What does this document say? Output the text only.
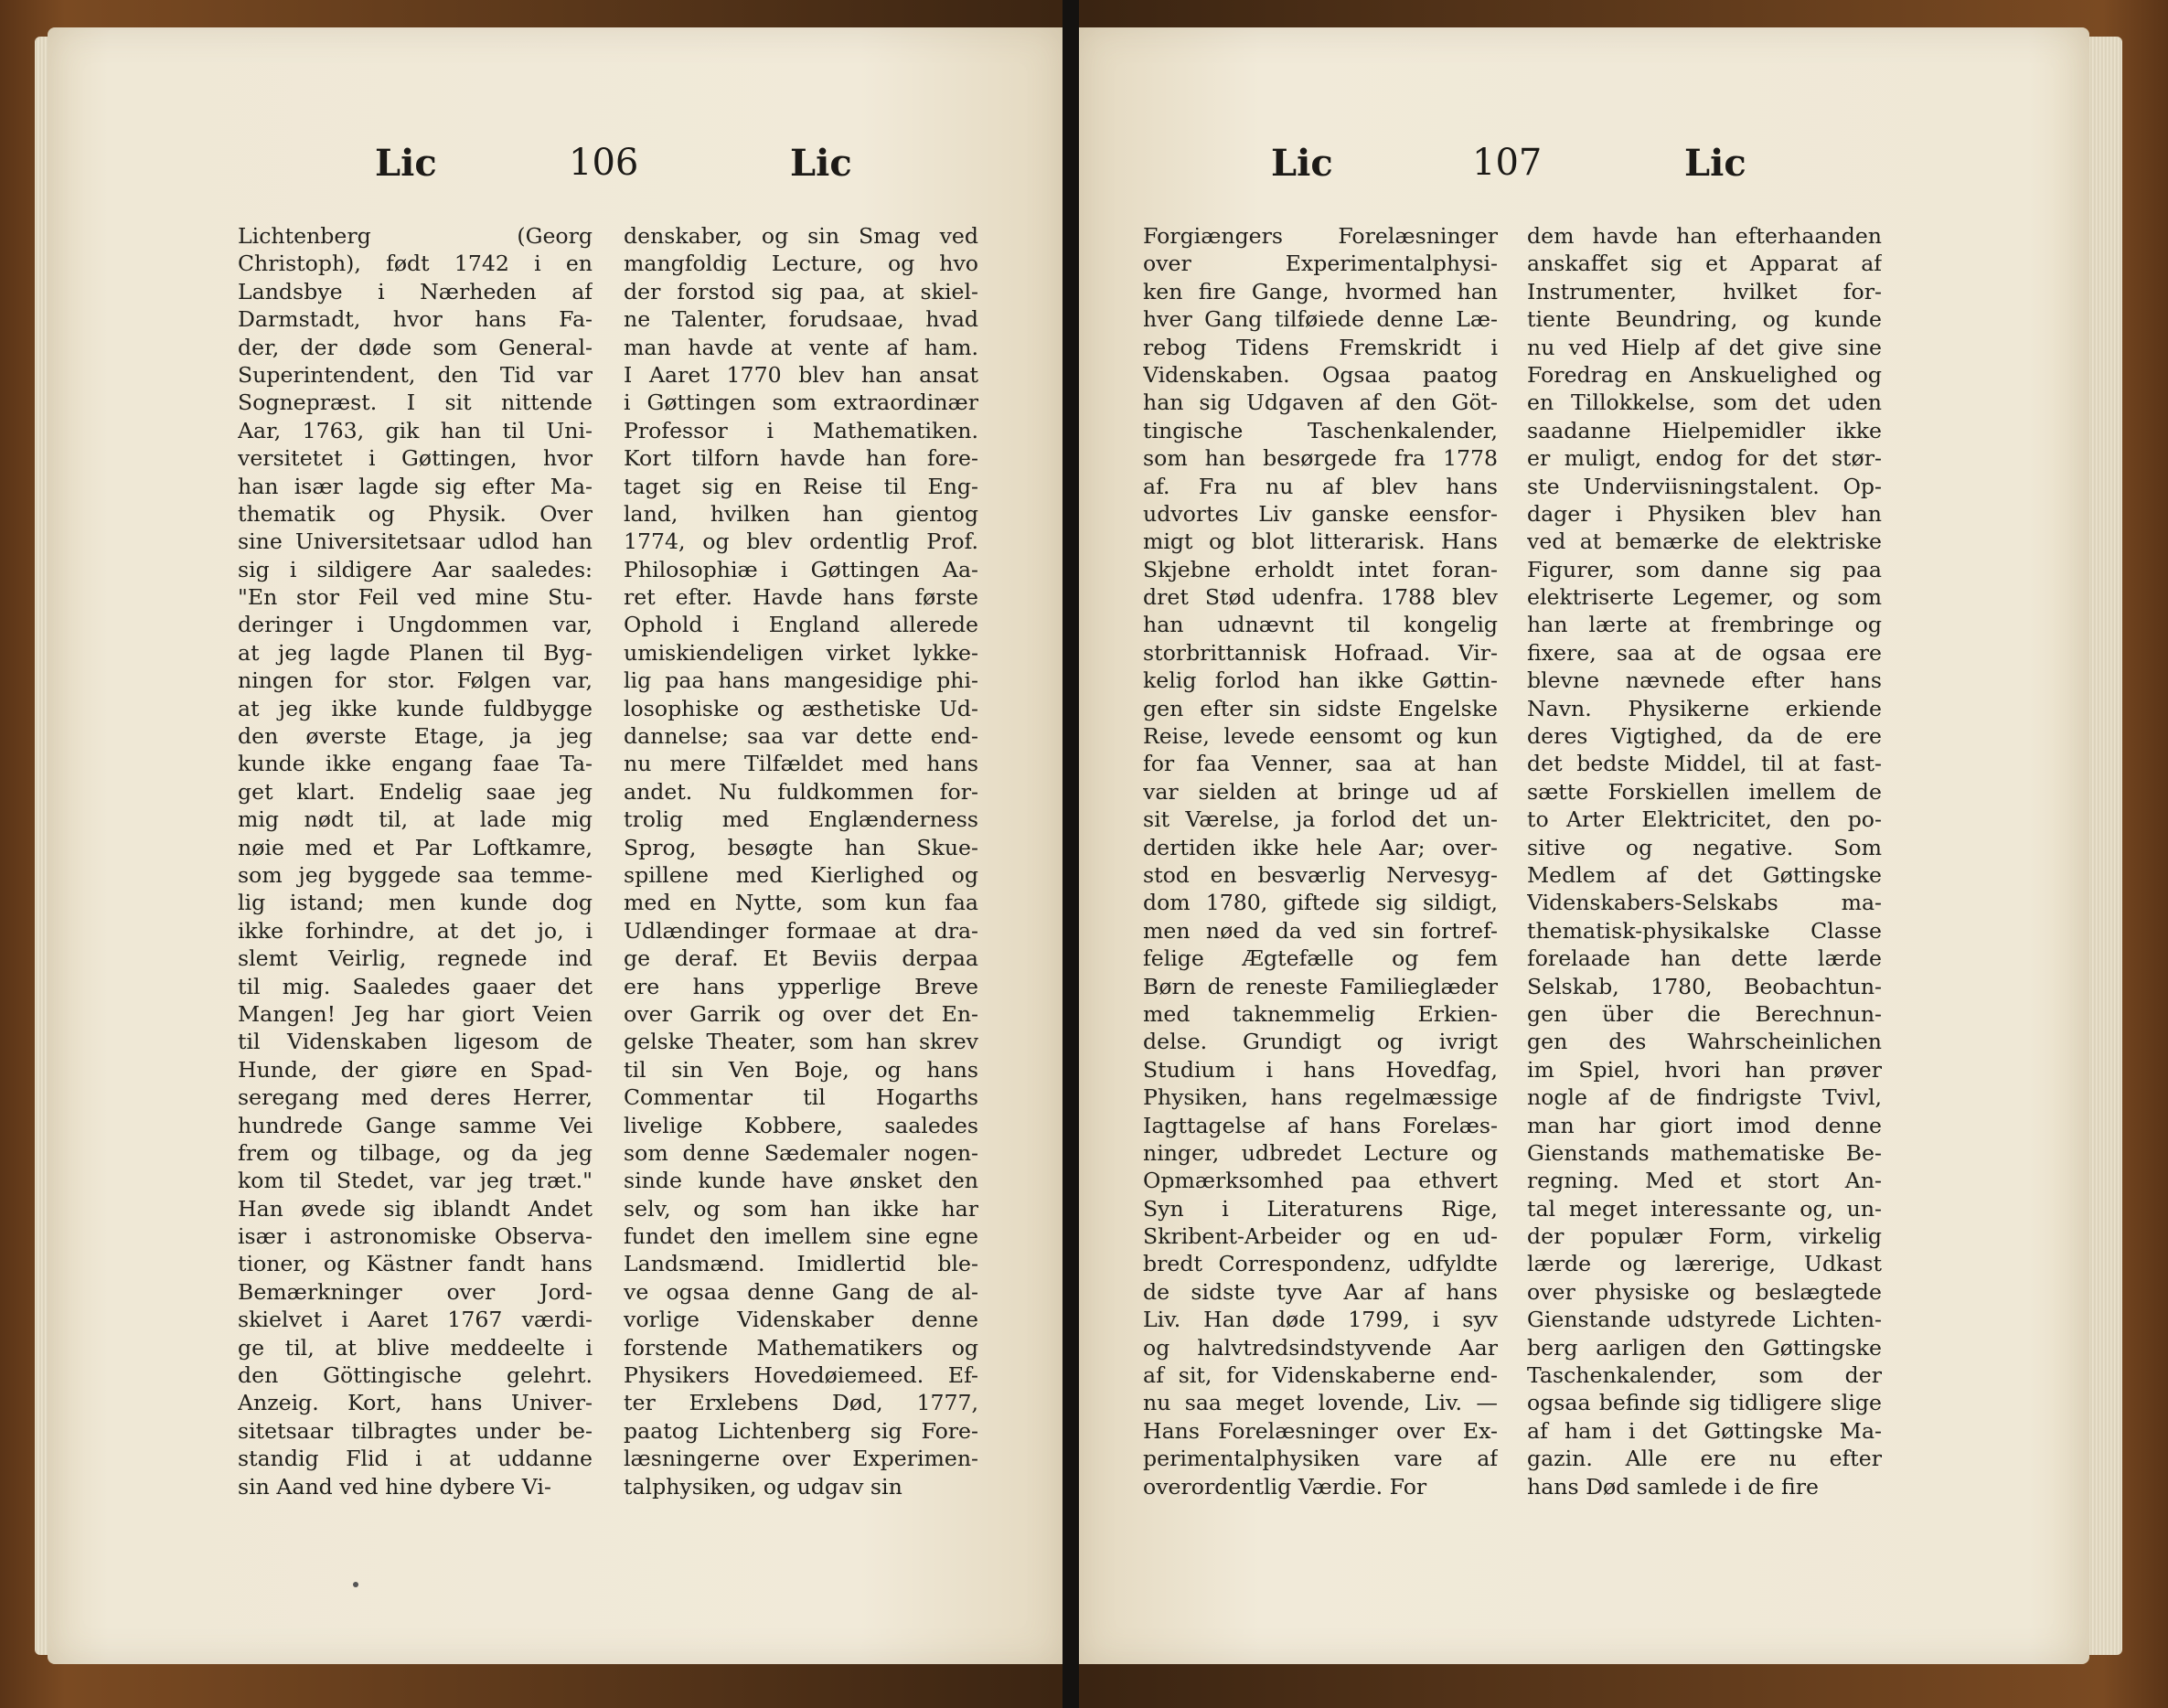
Lic	106	Lic
Lichtenberg (Georg
Christoph), født 1742 i en
Landsbye i Nærheden af
Darmstadt, hvor hans Fa-
der, der døde som General-
Superintendent, den Tid var
Sognepræst. I sit nittende
Aar, 1763, gik han til Uni-
versitetet i Gøttingen, hvor
han især lagde sig efter Ma-
thematik og Physik. Over
sine Universitetsaar udlod han
sig i sildigere Aar saaledes:
"En stor Feil ved mine Stu-
deringer i Ungdommen var,
at jeg lagde Planen til Byg-
ningen for stor. Følgen var,
at jeg ikke kunde fuldbygge
den øverste Etage, ja jeg
kunde ikke engang faae Ta-
get klart. Endelig saae jeg
mig nødt til, at lade mig
nøie med et Par Loftkamre,
som jeg byggede saa temme-
lig istand; men kunde dog
ikke forhindre, at det jo, i
slemt Veirlig, regnede ind
til mig. Saaledes gaaer det
Mangen! Jeg har giort Veien
til Videnskaben ligesom de
Hunde, der giøre en Spad-
seregang med deres Herrer,
hundrede Gange samme Vei
frem og tilbage, og da jeg
kom til Stedet, var jeg træt."
Han øvede sig iblandt Andet
især i astronomiske Observa-
tioner, og Kästner fandt hans
Bemærkninger over Jord-
skielvet i Aaret 1767 værdi-
ge til, at blive meddeelte i
den Göttingische gelehrt.
Anzeig. Kort, hans Univer-
sitetsaar tilbragtes under be-
standig Flid i at uddanne
sin Aand ved hine dybere Vi-
denskaber, og sin Smag ved
mangfoldig Lecture, og hvo
der forstod sig paa, at skiel-
ne Talenter, forudsaae, hvad
man havde at vente af ham.
I Aaret 1770 blev han ansat
i Gøttingen som extraordinær
Professor i Mathematiken.
Kort tilforn havde han fore-
taget sig en Reise til Eng-
land, hvilken han gientog
1774, og blev ordentlig Prof.
Philosophiæ i Gøttingen Aa-
ret efter. Havde hans første
Ophold i England allerede
umiskiendeligen virket lykke-
lig paa hans mangesidige phi-
losophiske og æsthetiske Ud-
dannelse; saa var dette end-
nu mere Tilfældet med hans
andet. Nu fuldkommen for-
trolig med Englænderness
Sprog, besøgte han Skue-
spillene med Kierlighed og
med en Nytte, som kun faa
Udlændinger formaae at dra-
ge deraf. Et Beviis derpaa
ere hans ypperlige Breve
over Garrik og over det En-
gelske Theater, som han skrev
til sin Ven Boje, og hans
Commentar til Hogarths
livelige Kobbere, saaledes
som denne Sædemaler nogen-
sinde kunde have ønsket den
selv, og som han ikke har
fundet den imellem sine egne
Landsmænd. Imidlertid ble-
ve ogsaa denne Gang de al-
vorlige Videnskaber denne
forstende Mathematikers og
Physikers Hovedøiemeed. Ef-
ter Erxlebens Død, 1777,
paatog Lichtenberg sig Fore-
læsningerne over Experimen-
talphysiken, og udgav sin
Lic	107	Lic
Forgiængers Forelæsninger
over Experimentalphysi-
ken fire Gange, hvormed han
hver Gang tilføiede denne Læ-
rebog Tidens Fremskridt i
Videnskaben. Ogsaa paatog
han sig Udgaven af den Göt-
tingische Taschenkalender,
som han besørgede fra 1778
af. Fra nu af blev hans
udvortes Liv ganske eensfor-
migt og blot litterarisk. Hans
Skjebne erholdt intet foran-
dret Stød udenfra. 1788 blev
han udnævnt til kongelig
storbrittannisk Hofraad. Vir-
kelig forlod han ikke Gøttin-
gen efter sin sidste Engelske
Reise, levede eensomt og kun
for faa Venner, saa at han
var sielden at bringe ud af
sit Værelse, ja forlod det un-
dertiden ikke hele Aar; over-
stod en besværlig Nervesyg-
dom 1780, giftede sig sildigt,
men nøed da ved sin fortref-
felige Ægtefælle og fem
Børn de reneste Familieglæder
med taknemmelig Erkien-
delse. Grundigt og ivrigt
Studium i hans Hovedfag,
Physiken, hans regelmæssige
Iagttagelse af hans Forelæs-
ninger, udbredet Lecture og
Opmærksomhed paa ethvert
Syn i Literaturens Rige,
Skribent-Arbeider og en ud-
bredt Correspondenz, udfyldte
de sidste tyve Aar af hans
Liv. Han døde 1799, i syv
og halvtredsindstyvende Aar
af sit, for Videnskaberne end-
nu saa meget lovende, Liv. —
Hans Forelæsninger over Ex-
perimentalphysiken vare af
overordentlig Værdie. For
dem havde han efterhaanden
anskaffet sig et Apparat af
Instrumenter, hvilket for-
tiente Beundring, og kunde
nu ved Hielp af det give sine
Foredrag en Anskuelighed og
en Tillokkelse, som det uden
saadanne Hielpemidler ikke
er muligt, endog for det stør-
ste Underviisningstalent. Op-
dager i Physiken blev han
ved at bemærke de elektriske
Figurer, som danne sig paa
elektriserte Legemer, og som
han lærte at frembringe og
fixere, saa at de ogsaa ere
blevne nævnede efter hans
Navn. Physikerne erkiende
deres Vigtighed, da de ere
det bedste Middel, til at fast-
sætte Forskiellen imellem de
to Arter Elektricitet, den po-
sitive og negative. Som
Medlem af det Gøttingske
Videnskabers-Selskabs ma-
thematisk-physikalske Classe
forelaade han dette lærde
Selskab, 1780, Beobachtun-
gen über die Berechnun-
gen des Wahrscheinlichen
im Spiel, hvori han prøver
nogle af de findrigste Tvivl,
man har giort imod denne
Gienstands mathematiske Be-
regning. Med et stort An-
tal meget interessante og, un-
der populær Form, virkelig
lærde og lærerige, Udkast
over physiske og beslægtede
Gienstande udstyrede Lichten-
berg aarligen den Gøttingske
Taschenkalender, som der
ogsaa befinde sig tidligere slige
af ham i det Gøttingske Ma-
gazin. Alle ere nu efter
hans Død samlede i de fire
